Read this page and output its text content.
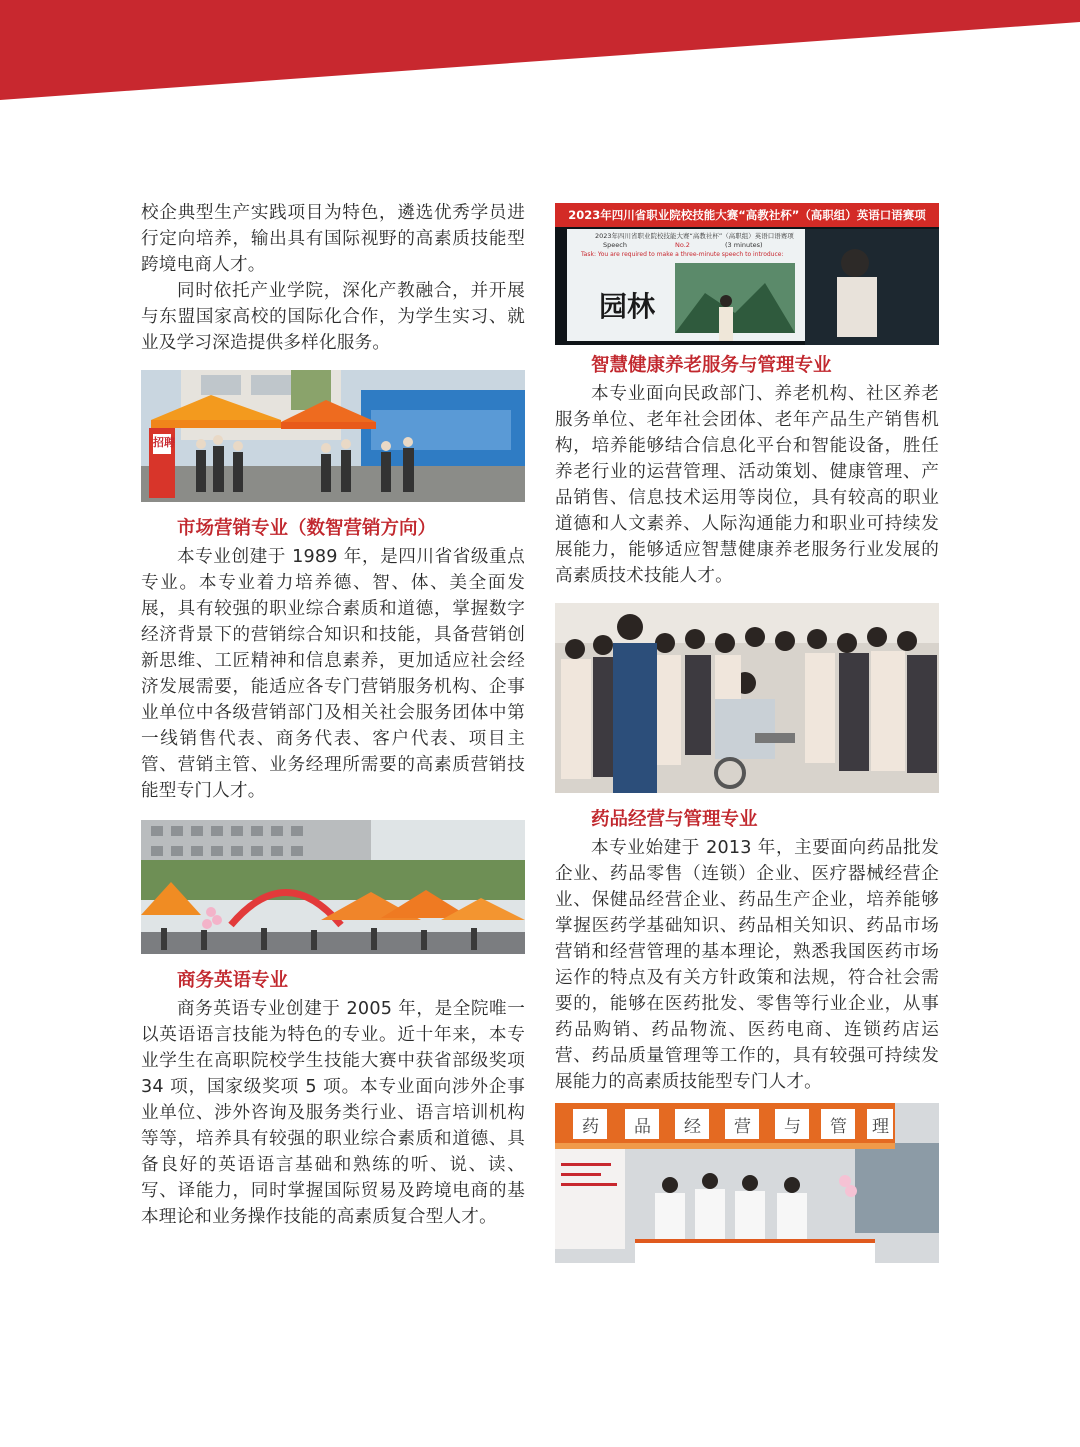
校企典型生产实践项目为特色，遴选优秀学员进行定向培养，输出具有国际视野的高素质技能型跨境电商人才。

同时依托产业学院，深化产教融合，并开展与东盟国家高校的国际化合作，为学生实习、就业及学习深造提供多样化服务。

招聘
市场营销专业（数智营销方向）

本专业创建于 1989 年，是四川省省级重点专业。本专业着力培养德、智、体、美全面发展，具有较强的职业综合素质和道德，掌握数字经济背景下的营销综合知识和技能，具备营销创新思维、工匠精神和信息素养，更加适应社会经济发展需要，能适应各专门营销服务机构、企事业单位中各级营销部门及相关社会服务团体中第一线销售代表、商务代表、客户代表、项目主管、营销主管、业务经理所需要的高素质营销技能型专门人才。

商务英语专业

商务英语专业创建于 2005 年，是全院唯一以英语语言技能为特色的专业。近十年来，本专业学生在高职院校学生技能大赛中获省部级奖项 34 项，国家级奖项 5 项。本专业面向涉外企事业单位、涉外咨询及服务类行业、语言培训机构等等，培养具有较强的职业综合素质和道德、具备良好的英语语言基础和熟练的听、说、读、写、译能力，同时掌握国际贸易及跨境电商的基本理论和业务操作技能的高素质复合型人才。

2023年四川省职业院校技能大赛“高教社杯”（高职组）英语口语赛项
2023年四川省职业院校技能大赛“高教社杯”（高职组）英语口语赛项
Speech	No.2	(3 minutes)
Task: You are required to make a three-minute speech to introduce:
园林
智慧健康养老服务与管理专业

本专业面向民政部门、养老机构、社区养老服务单位、老年社会团体、老年产品生产销售机构，培养能够结合信息化平台和智能设备，胜任养老行业的运营管理、活动策划、健康管理、产品销售、信息技术运用等岗位，具有较高的职业道德和人文素养、人际沟通能力和职业可持续发展能力，能够适应智慧健康养老服务行业发展的高素质技术技能人才。

药品经营与管理专业

本专业始建于 2013 年，主要面向药品批发企业、药品零售（连锁）企业、医疗器械经营企业、保健品经营企业、药品生产企业，培养能够掌握医药学基础知识、药品相关知识、药品市场营销和经营管理的基本理论，熟悉我国医药市场运作的特点及有关方针政策和法规，符合社会需要的，能够在医药批发、零售等行业企业，从事药品购销、药品物流、医药电商、连锁药店运营、药品质量管理等工作的，具有较强可持续发展能力的高素质技能型专门人才。

药 品 经 营 与 管 理
